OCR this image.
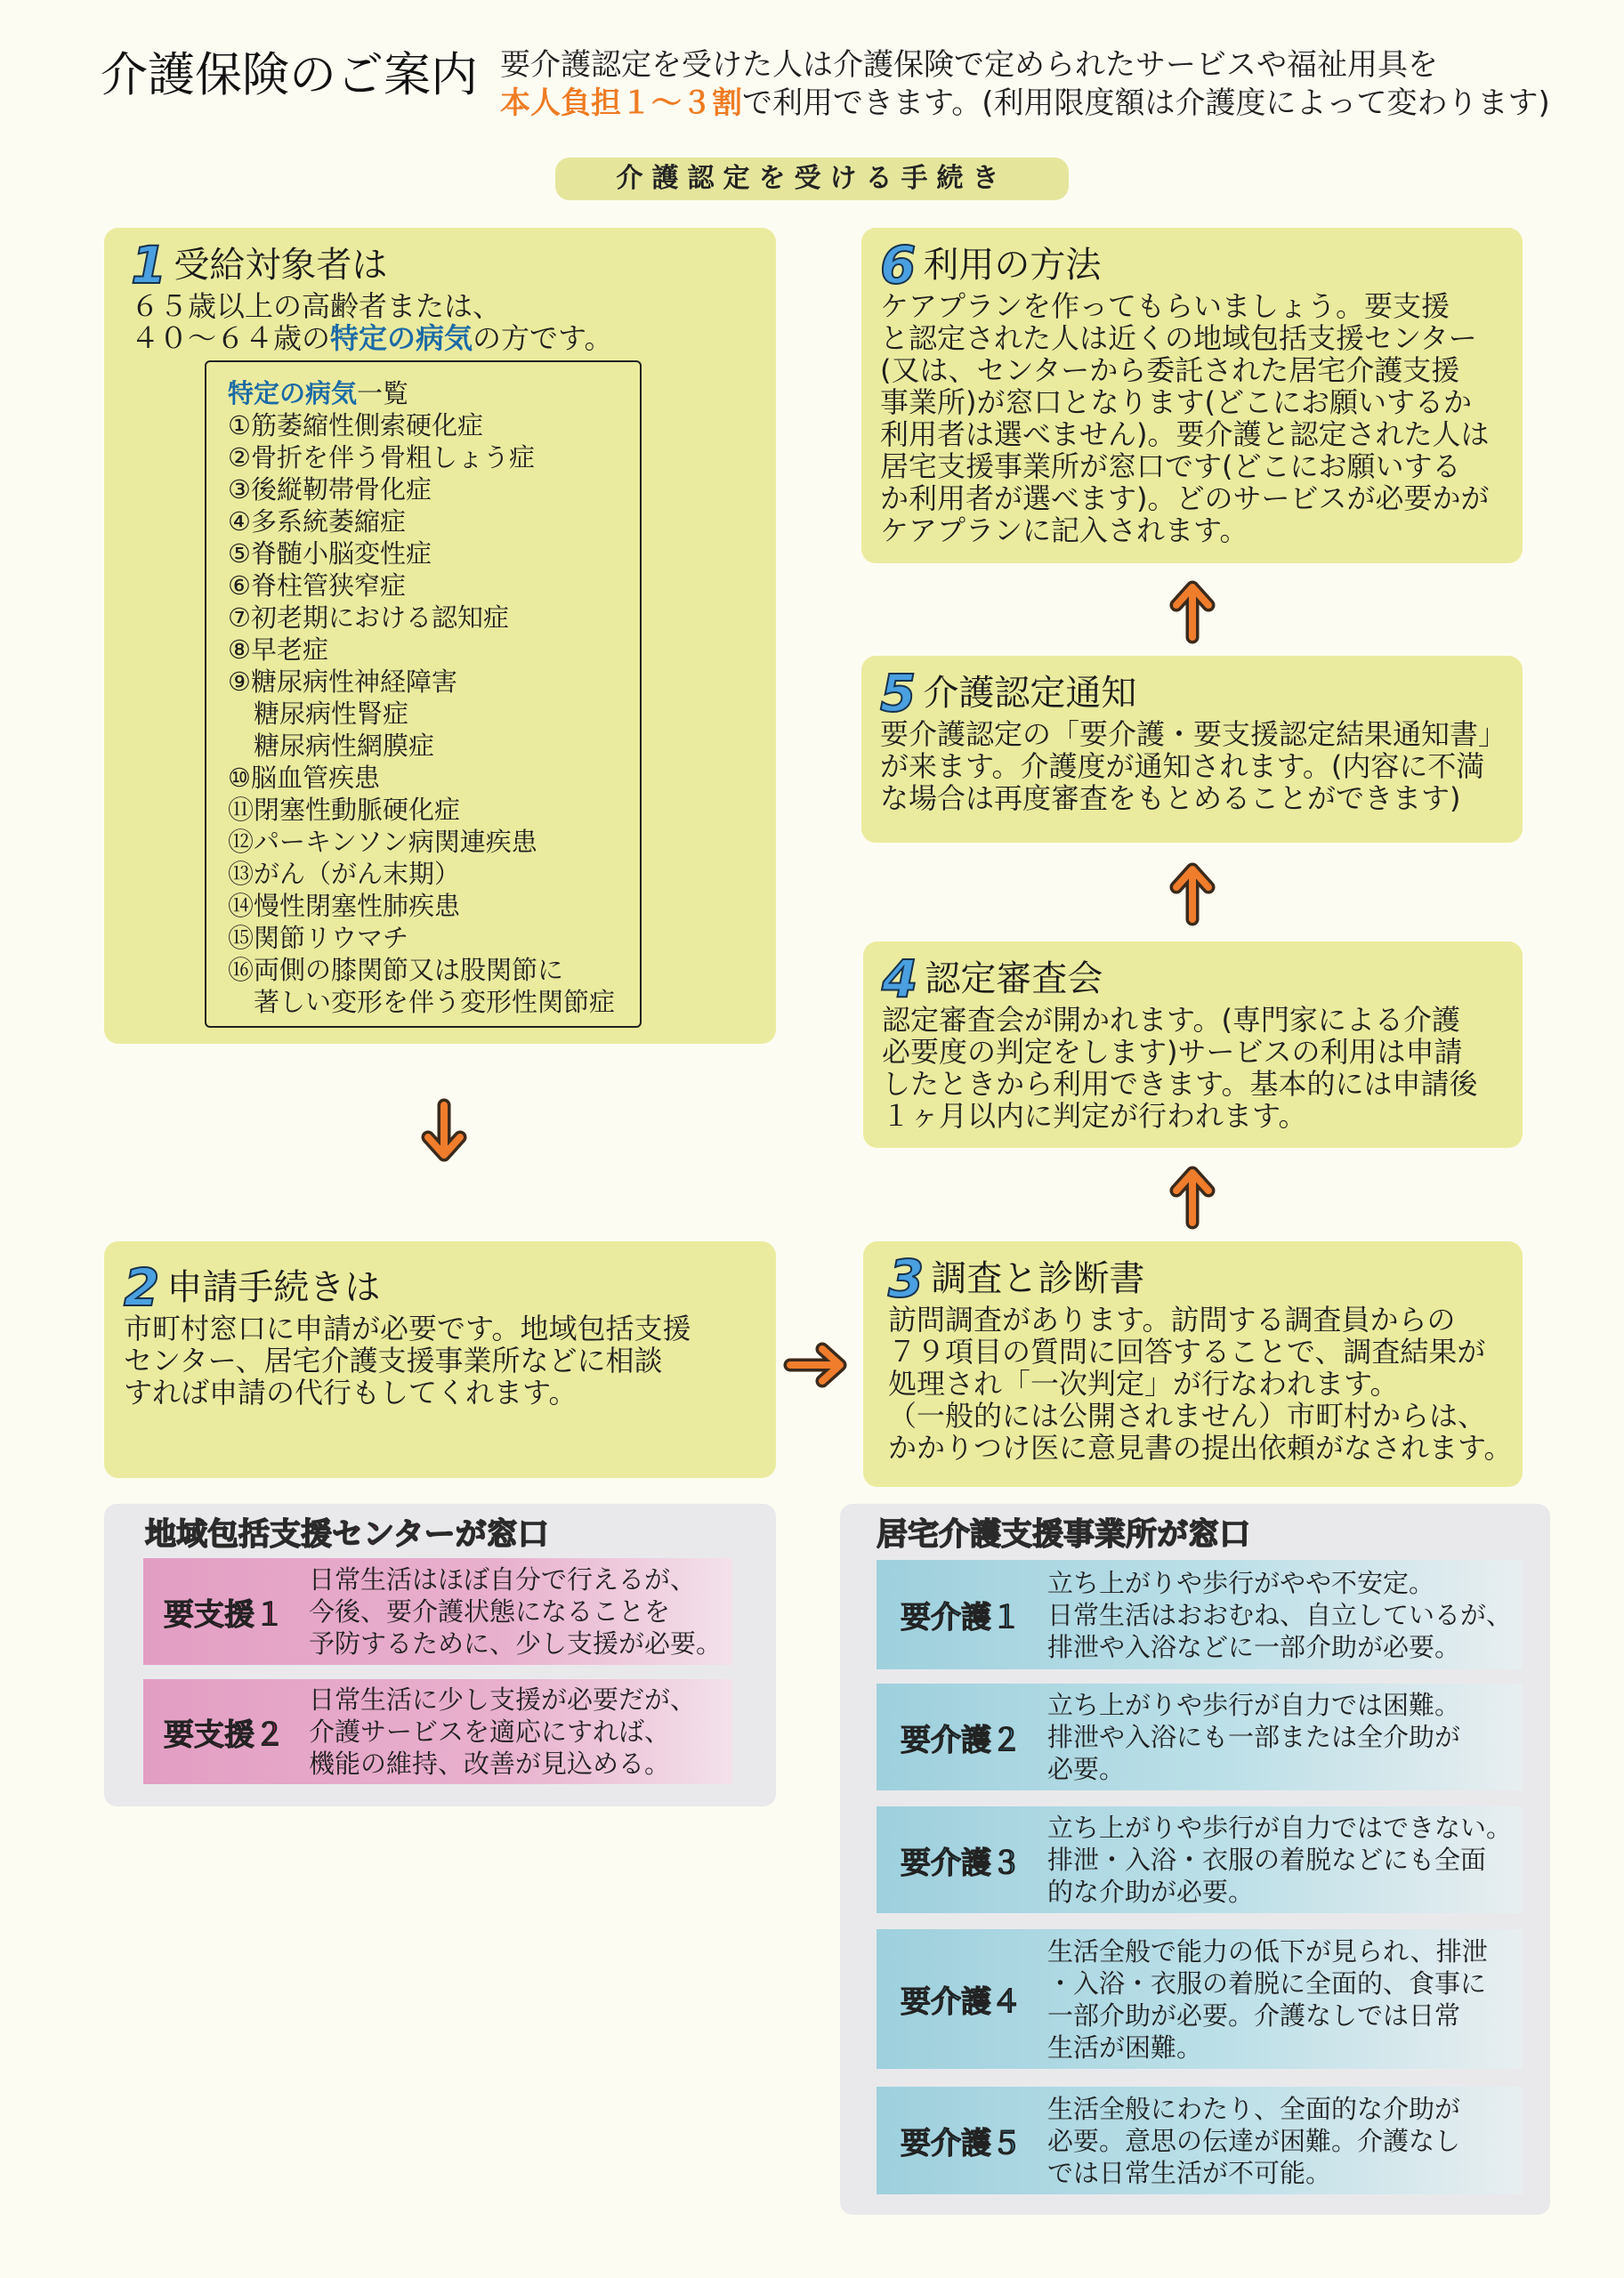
介護保険のご案内 要介護認定を受けた人は介護保険で定められたサービスや福祉用具を
本人負担１～３割で利用できます。(利用限度額は介護度によって変わります)
介護認定を受ける手続き
1 受給対象者は
６５歳以上の高齢者または、
４０～６４歳の特定の病気の方です。
特定の病気一覧
①筋萎縮性側索硬化症
②骨折を伴う骨粗しょう症
③後縦靭帯骨化症
④多系統萎縮症
⑤脊髄小脳変性症
⑥脊柱管狭窄症
⑦初老期における認知症
⑧早老症
⑨糖尿病性神経障害
糖尿病性腎症
糖尿病性網膜症
⑩脳血管疾患
⑪閉塞性動脈硬化症
⑫パーキンソン病関連疾患
⑬がん（がん末期）
⑭慢性閉塞性肺疾患
⑮関節リウマチ
⑯両側の膝関節又は股関節に
著しい変形を伴う変形性関節症
2 申請手続きは
市町村窓口に申請が必要です。地域包括支援
センター、居宅介護支援事業所などに相談
すれば申請の代行もしてくれます。
3 調査と診断書
訪問調査があります。訪問する調査員からの
７９項目の質問に回答することで、調査結果が
処理され「一次判定」が行なわれます。
（一般的には公開されません）市町村からは、
かかりつけ医に意見書の提出依頼がなされます。
4 認定審査会
認定審査会が開かれます。(専門家による介護
必要度の判定をします)サービスの利用は申請
したときから利用できます。基本的には申請後
１ヶ月以内に判定が行われます。
5 介護認定通知
要介護認定の「要介護・要支援認定結果通知書」
が来ます。介護度が通知されます。(内容に不満
な場合は再度審査をもとめることができます)
6 利用の方法
ケアプランを作ってもらいましょう。要支援
と認定された人は近くの地域包括支援センター
(又は、センターから委託された居宅介護支援
事業所)が窓口となります(どこにお願いするか
利用者は選べません)。要介護と認定された人は
居宅支援事業所が窓口です(どこにお願いする
か利用者が選べます)。どのサービスが必要かが
ケアプランに記入されます。
地域包括支援センターが窓口
要支援１
日常生活はほぼ自分で行えるが、
今後、要介護状態になることを
予防するために、少し支援が必要。
要支援２
日常生活に少し支援が必要だが、
介護サービスを適応にすれば、
機能の維持、改善が見込める。
居宅介護支援事業所が窓口
要介護１
立ち上がりや歩行がやや不安定。
日常生活はおおむね、自立しているが、
排泄や入浴などに一部介助が必要。
要介護２
立ち上がりや歩行が自力では困難。
排泄や入浴にも一部または全介助が
必要。
要介護３
立ち上がりや歩行が自力ではできない。
排泄・入浴・衣服の着脱などにも全面
的な介助が必要。
要介護４
生活全般で能力の低下が見られ、排泄
・入浴・衣服の着脱に全面的、食事に
一部介助が必要。介護なしでは日常
生活が困難。
要介護５
生活全般にわたり、全面的な介助が
必要。意思の伝達が困難。介護なし
では日常生活が不可能。
